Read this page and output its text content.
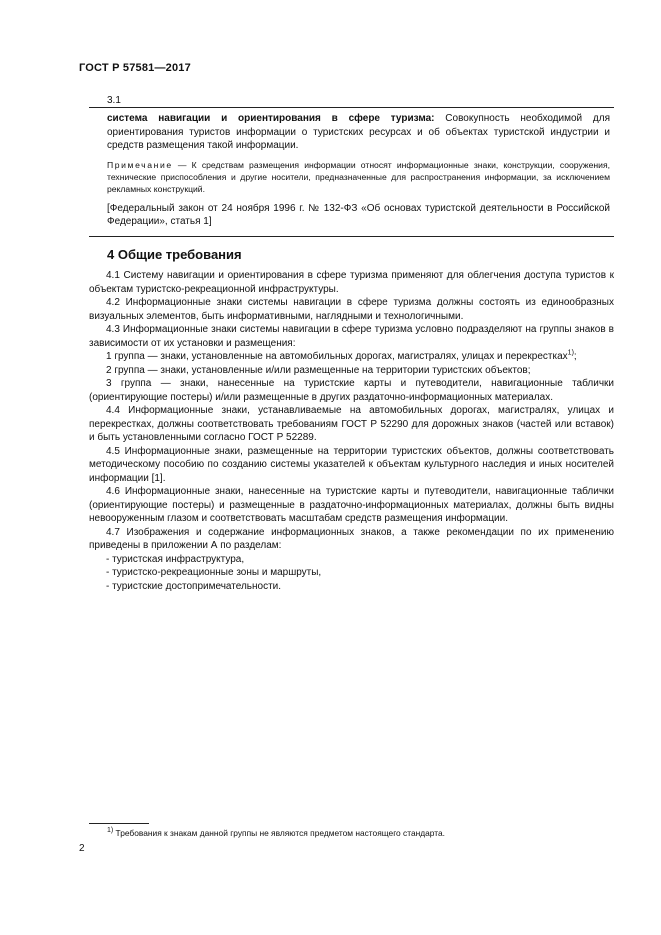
ГОСТ Р 57581—2017
3.1
система навигации и ориентирования в сфере туризма: Совокупность необходимой для ориентирования туристов информации о туристских ресурсах и об объектах туристской индустрии и средств размещения такой информации.
Примечание — К средствам размещения информации относят информационные знаки, конструкции, сооружения, технические приспособления и другие носители, предназначенные для распространения информации, за исключением рекламных конструкций.
[Федеральный закон от 24 ноября 1996 г. № 132-ФЗ «Об основах туристской деятельности в Российской Федерации», статья 1]
4 Общие требования

4.1 Систему навигации и ориентирования в сфере туризма применяют для облегчения доступа туристов к объектам туристско-рекреационной инфраструктуры.

4.2 Информационные знаки системы навигации в сфере туризма должны состоять из единообразных визуальных элементов, быть информативными, наглядными и технологичными.

4.3 Информационные знаки системы навигации в сфере туризма условно подразделяют на группы знаков в зависимости от их установки и размещения:

1 группа — знаки, установленные на автомобильных дорогах, магистралях, улицах и перекрестках$^{1)}$;

2 группа — знаки, установленные и/или размещенные на территории туристских объектов;

3 группа — знаки, нанесенные на туристские карты и путеводители, навигационные таблички (ориентирующие постеры) и/или размещенные в других раздаточно-информационных материалах.

4.4 Информационные знаки, устанавливаемые на автомобильных дорогах, магистралях, улицах и перекрестках, должны соответствовать требованиям ГОСТ Р 52290 для дорожных знаков (частей или вставок) и быть установленными согласно ГОСТ Р 52289.

4.5 Информационные знаки, размещенные на территории туристских объектов, должны соответствовать методическому пособию по созданию системы указателей к объектам культурного наследия и иных носителей информации [1].

4.6 Информационные знаки, нанесенные на туристские карты и путеводители, навигационные таблички (ориентирующие постеры) и размещенные в раздаточно-информационных материалах, должны быть видны невооруженным глазом и соответствовать масштабам средств размещения информации.

4.7 Изображения и содержание информационных знаков, а также рекомендации по их применению приведены в приложении А по разделам:

- туристская инфраструктура,
- туристско-рекреационные зоны и маршруты,
- туристские достопримечательности.
$^{1)}$ Требования к знакам данной группы не являются предметом настоящего стандарта.
2
